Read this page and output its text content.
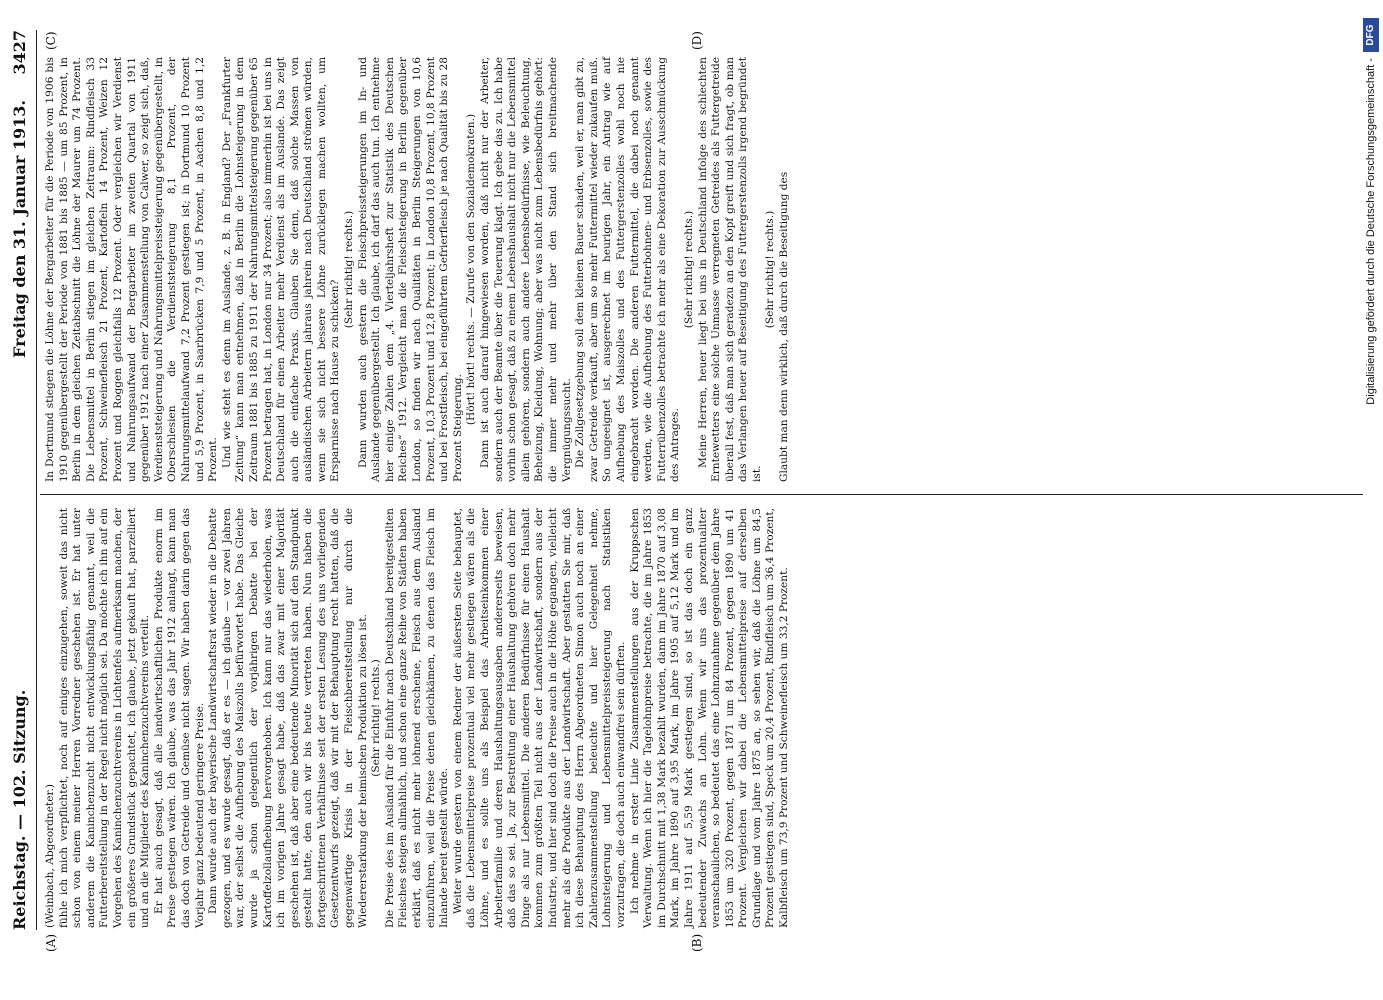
Reichstag. — 102. Sitzung.
Freitag den 31. Januar 1913.
3427
(A)	(B)
(C)	(D)

(Weinbach, Abgeordneter.) fühle ich mich verpflichtet, noch auf einiges einzugehen, soweit das nicht schon von einem meiner Herren Vorredner geschehen ist. Er hat unter anderem die Kaninchenzucht nicht entwicklungsfähig genannt, weil die Futterbereitstellung in der Regel nicht möglich sei. Da möchte ich ihn auf ein Vorgehen des Kaninchenzuchtvereins in Lichtenfels aufmerksam machen, der ein größeres Grundstück gepachtet, ich glaube, jetzt gekauft hat, parzelliert und an die Mitglieder des Kaninchenzuchtvereins verteilt. Er hat auch gesagt, daß alle landwirtschaftlichen Produkte enorm im Preise gestiegen wären. Ich glaube, was das Jahr 1912 anlangt, kann man das doch von Getreide und Gemüse nicht sagen. Wir haben darin gegen das Vorjahr ganz bedeutend geringere Preise. Dann wurde auch der bayerische Landwirtschaftsrat wieder in die Debatte gezogen, und es wurde gesagt, daß er es — ich glaube — vor zwei Jahren war, der selbst die Aufhebung des Maiszolls befürwortet habe. Das Gleiche wurde ja schon gelegentlich der vorjährigen Debatte bei der Kartoffelzollaufhebung hervorgehoben. Ich kann nur das wiederholen, was ich im vorigen Jahre gesagt habe, daß das zwar mit einer Majorität geschehen ist, daß aber eine bedeutende Minorität sich auf den Standpunkt gestellt hatte, den auch wir bis heute vertreten haben. Nun haben die fortgeschrittenen Verhältnisse seit der ersten Lesung des uns vorliegenden Gesetzentwurfs gezeigt, daß wir mit der Behauptung recht hatten, daß die gegenwärtige Krisis in der Fleischbereitstellung nur durch die Wiedererstarkung der heimischen Produktion zu lösen ist. (Sehr richtig! rechts.) Die Preise des im Ausland für die Einfuhr nach Deutschland bereitgestellten Fleisches steigen allmählich, und schon eine ganze Reihe von Städten haben erklärt, daß es nicht mehr lohnend erscheine, Fleisch aus dem Ausland einzuführen, weil die Preise denen gleichkämen, zu denen das Fleisch im Inlande bereit gestellt würde. Weiter wurde gestern von einem Redner der äußersten Seite behauptet, daß die Lebensmittelpreise prozentual viel mehr gestiegen wären als die Löhne, und es sollte uns als Beispiel das Arbeitseinkommen einer Arbeiterfamilie und deren Haushaltungsausgaben andererseits beweisen, daß das so sei. Ja, zur Bestreitung einer Haushaltung gehören doch mehr Dinge als nur Lebensmittel. Die anderen Bedürfnisse für einen Haushalt kommen zum größten Teil nicht aus der Landwirtschaft, sondern aus der Industrie, und hier sind doch die Preise auch in die Höhe gegangen, vielleicht mehr als die Produkte aus der Landwirtschaft. Aber gestatten Sie mir, daß ich diese Behauptung des Herrn Abgeordneten Simon auch noch an einer Zahlenzusammenstellung beleuchte und hier Gelegenheit nehme, Lohnsteigerung und Lebensmittelpreissteigerung nach Statistiken vorzutragen, die doch auch einwandfrei sein dürften. Ich nehme in erster Linie Zusammenstellungen aus der Kruppschen Verwaltung. Wenn ich hier die Tagelohnpreise betrachte, die im Jahre 1853 im Durchschnitt mit 1,38 Mark bezahlt wurden, dann im Jahre 1870 auf 3,08 Mark, im Jahre 1890 auf 3,95 Mark, im Jahre 1905 auf 5,12 Mark und im Jahre 1911 auf 5,59 Mark gestiegen sind, so ist das doch ein ganz bedeutender Zuwachs an Lohn. Wenn wir uns das prozentualiter veranschaulichen, so bedeutet das eine Lohnzunahme gegenüber dem Jahre 1853 um 320 Prozent, gegen 1871 um 84 Prozent, gegen 1890 um 41 Prozent. Vergleichen wir dabei die Lebensmittelpreise auf derselben Grundlage und vom Jahre 1875 an, so sehen wir, daß die Löhne um 84,5 Prozent gestiegen sind, Speck um 20,4 Prozent, Rindfleisch um 36,4 Prozent, Kalbfleisch um 73,9 Prozent und Schweinefleisch um 33,2 Prozent.

In Dortmund stiegen die Löhne der Bergarbeiter für die Periode von 1906 bis 1910 gegenübergestellt der Periode von 1881 bis 1885 — um 85 Prozent, in Berlin in dem gleichen Zeitabschnitt die Löhne der Maurer um 74 Prozent. Die Lebensmittel in Berlin stiegen im gleichen Zeitraum: Rindfleisch 33 Prozent, Schweinefleisch 21 Prozent, Kartoffeln 14 Prozent, Weizen 12 Prozent und Roggen gleichfalls 12 Prozent. Oder vergleichen wir Verdienst und Nahrungsaufwand der Bergarbeiter im zweiten Quartal von 1911 gegenüber 1912 nach einer Zusammenstellung von Calwer, so zeigt sich, daß, Verdienststeigerung und Nahrungsmittelpreissteigerung gegenübergestellt, in Oberschlesien die Verdienststeigerung 8,1 Prozent, der Nahrungsmittelaufwand 7,2 Prozent gestiegen ist; in Dortmund 10 Prozent und 5,9 Prozent, in Saarbrücken 7,9 und 5 Prozent, in Aachen 8,8 und 1,2 Prozent. Und wie steht es denn im Auslande, z. B. in England? Der „Frankfurter Zeitung“ kann man entnehmen, daß in Berlin die Lohnsteigerung in dem Zeitraum 1881 bis 1885 zu 1911 der Nahrungsmittelsteigerung gegenüber 65 Prozent betragen hat, in London nur 34 Prozent; also immerhin ist bei uns in Deutschland für einen Arbeiter mehr Verdienst als im Auslande. Das zeigt auch die einfache Praxis. Glauben Sie denn, daß solche Massen von ausländischen Arbeitern jahraus jahrein nach Deutschland strömen würden, wenn sie sich nicht bessere Löhne zurücklegen machen wollten, um Ersparnisse nach Hause zu schicken?

(Sehr richtig! rechts.) Dann wurden auch gestern die Fleischpreissteigerungen im In- und Auslande gegenübergestellt. Ich glaube, ich darf das auch tun. Ich entnehme hier einige Zahlen dem „4. Vierteljahrsheft zur Statistik des Deutschen Reiches“ 1912. Vergleicht man die Fleischsteigerung in Berlin gegenüber London, so finden wir nach Qualitäten in Berlin Steigerungen von 10,6 Prozent, 10,3 Prozent und 12,8 Prozent; in London 10,8 Prozent, 10,8 Prozent und bei Frostfleisch, bei eingeführtem Gefrierfleisch je nach Qualität bis zu 28 Prozent Steigerung.

(Hört! hört! rechts. — Zurufe von den Sozialdemokraten.) Dann ist auch darauf hingewiesen worden, daß nicht nur der Arbeiter, sondern auch der Beamte über die Teuerung klagt. Ich gebe das zu. Ich habe vorhin schon gesagt, daß zu einem Lebenshaushalt nicht nur die Lebensmittel allein gehören, sondern auch andere Lebensbedürfnisse, wie Beleuchtung, Beheizung, Kleidung, Wohnung; aber was nicht zum Lebensbedürfnis gehört: die immer mehr und mehr über den Stand sich breitmachende Vergnügungssucht. Die Zollgesetzgebung soll dem kleinen Bauer schaden, weil er, man gibt zu, zwar Getreide verkauft, aber um so mehr Futtermittel wieder zukaufen muß. So ungeeignet ist, ausgerechnet im heurigen Jahr, ein Antrag wie auf Aufhebung des Maiszolles und des Futtergerstenzolles wohl noch nie eingebracht worden. Die anderen Futtermittel, die dabei noch genannt werden, wie die Aufhebung des Futterbohnen- und Erbsenzolles, sowie des Futterrübenzolles betrachte ich mehr als eine Dekoration zur Ausschmückung des Antrages.

(Sehr richtig! rechts.) Meine Herren, heuer liegt bei uns in Deutschland infolge des schlechten Erntewetters eine solche Unmasse verregneten Getreides als Futtergetreide überall fest, daß man sich geradezu an den Kopf greift und sich fragt, ob man das Verlangen heuer auf Beseitigung des Futtergerstenzolls irgend begründet ist.

(Sehr richtig! rechts.) Glaubt man denn wirklich, daß durch die Beseitigung des	Digitalisierung gefördert durch die Deutsche Forschungsgemeinschaft -
DFG
